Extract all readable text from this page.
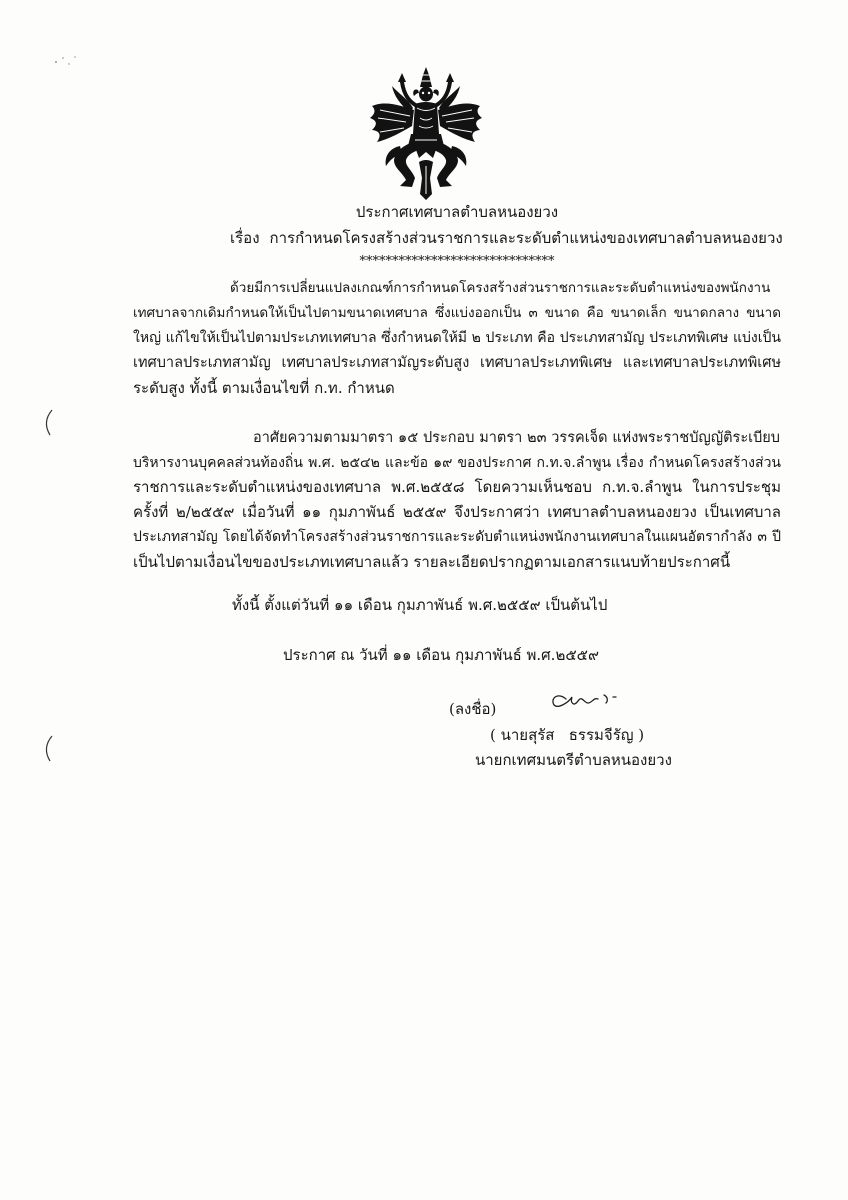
ประกาศเทศบาลตำบลหนองยวง
เรื่อง การกำหนดโครงสร้างส่วนราชการและระดับตำแหน่งของเทศบาลตำบลหนองยวง
******************************
ด้วยมีการเปลี่ยนแปลงเกณฑ์การกำหนดโครงสร้างส่วนราชการและระดับตำแหน่งของพนักงาน
เทศบาลจากเดิมกำหนดให้เป็นไปตามขนาดเทศบาล ซึ่งแบ่งออกเป็น ๓ ขนาด คือ ขนาดเล็ก ขนาดกลาง ขนาด
ใหญ่ แก้ไขให้เป็นไปตามประเภทเทศบาล ซึ่งกำหนดให้มี ๒ ประเภท คือ ประเภทสามัญ ประเภทพิเศษ แบ่งเป็น
เทศบาลประเภทสามัญ เทศบาลประเภทสามัญระดับสูง เทศบาลประเภทพิเศษ และเทศบาลประเภทพิเศษ
ระดับสูง ทั้งนี้ ตามเงื่อนไขที่ ก.ท. กำหนด
อาศัยความตามมาตรา ๑๕ ประกอบ มาตรา ๒๓ วรรคเจ็ด แห่งพระราชบัญญัติระเบียบ
บริหารงานบุคคลส่วนท้องถิ่น พ.ศ. ๒๕๔๒ และข้อ ๑๙ ของประกาศ ก.ท.จ.ลำพูน เรื่อง กำหนดโครงสร้างส่วน
ราชการและระดับตำแหน่งของเทศบาล พ.ศ.๒๕๕๘ โดยความเห็นชอบ ก.ท.จ.ลำพูน ในการประชุม
ครั้งที่ ๒/๒๕๕๙ เมื่อวันที่ ๑๑ กุมภาพันธ์ ๒๕๕๙ จึงประกาศว่า เทศบาลตำบลหนองยวง เป็นเทศบาล
ประเภทสามัญ โดยได้จัดทำโครงสร้างส่วนราชการและระดับตำแหน่งพนักงานเทศบาลในแผนอัตรากำลัง ๓ ปี
เป็นไปตามเงื่อนไขของประเภทเทศบาลแล้ว รายละเอียดปรากฏตามเอกสารแนบท้ายประกาศนี้
ทั้งนี้ ตั้งแต่วันที่ ๑๑ เดือน กุมภาพันธ์ พ.ศ.๒๕๕๙ เป็นต้นไป
ประกาศ ณ วันที่ ๑๑ เดือน กุมภาพันธ์ พ.ศ.๒๕๕๙
(ลงชื่อ)
( นายสุรัส   ธรรมจีรัญ )
นายกเทศมนตรีตำบลหนองยวง
